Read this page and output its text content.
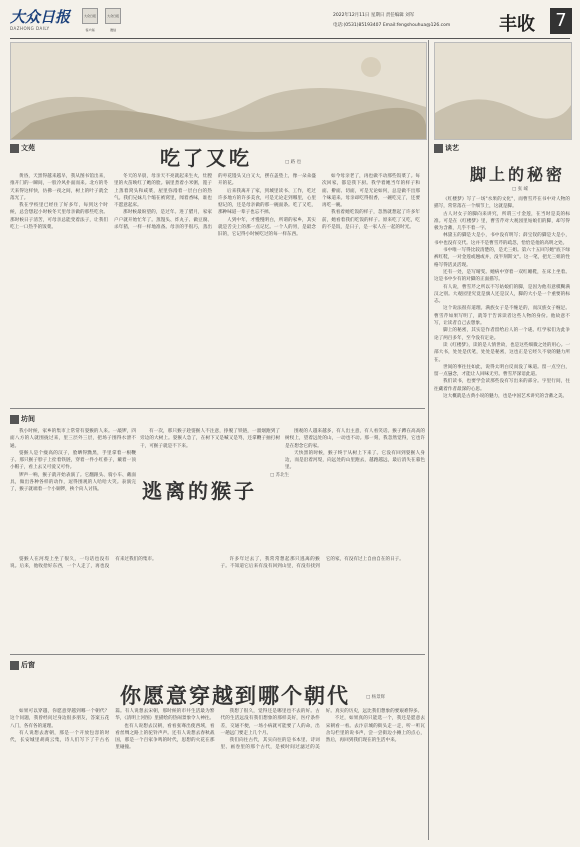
大众日报
DAZHONG DAILY
大众日报 客户端 大众日报 微信
2022年12月11日 星期日 责任编辑 刘军
电话:(0531)85193407 Email:fengshouhua@126.com	丰收 7
文苑	吃了又吃	□ 路 也

黄昏，天黑得越来越早，我从图书馆出来，推开门的一瞬间，一股冷风扑面而来。北方的冬天来得这样快，仿佛一夜之间，树上的叶子就全落光了。

我在学校里已经住了好多年，每到这个时候，总会想起小时候冬天里母亲做的那些吃食。那时候日子清苦，可母亲总能变着法子，让我们吃上一口热乎的饭菜。

冬天的早晨，母亲天不亮就起来生火，灶膛里的火苗映红了她的脸。锅里煮着小米粥，篦子上蒸着窝头和咸菜，屋里弥漫着一层白白的热气。我们兄妹几个缩在被窝里，闻着香味，谁也不愿意起床。

那时候最盼望的，是过年。进了腊月，家家户户就开始忙年了。蒸馒头、炸丸子、做豆腐、杀年猪，一样一样地准备。母亲的手很巧，蒸出的枣花馒头又白又大，摆在盖垫上，像一朵朵盛开的花。

后来我离开了家，到城里读书、工作，吃过许多地方的许多美食，可是无论走到哪里，心里惦记的，还是母亲做的那一碗面条。吃了又吃，那种味道一辈子也忘不掉。

人到中年，才慢慢明白，所谓的家乡，其实就是舌尖上的那一点记忆。一个人的胃，是最念旧的，它记得小时候吃过的每一样东西。

如今母亲老了，再也做不动那些饭菜了。每次回家，都是我下厨。我学着她当年的样子和面、擀面、切面，可是无论如何，总是做不出那个味道来。母亲却吃得很香，一碗吃完了，还要再吃一碗。

我看着她吃饭的样子，忽然就想起了许多年前，她看着我们吃饭的样子。原来吃了又吃，吃的不是饭，是日子，是一家人在一起的时光。

坊间

我小时候，家乡的集市上常常有耍猴的人来。一敲锣，四面八方的人就围拢过来，里三层外三层，把场子围得水泄不通。

耍猴人是个瘦高的汉子，脸晒得黝黑，手里拿着一根鞭子。那只猴子脖子上拴着铁链，穿着一件小红褂子，戴着一顶小帽子，看上去又可爱又可怜。

锣声一响，猴子就开始表演了。它翻跟头、骑小车、戴面具，做出各种各样的动作，逗得围观的人哈哈大笑。表演完了，猴子就端着一个小铜锣，挨个向人讨钱。	逃离的猴子
□ 苏北生

有一次，那只猴子趁耍猴人不注意，挣脱了铁链，一溜烟跑到了旁边的大树上。耍猴人急了，在树下又是喊又是骂，还拿鞭子抽打树干，可猴子就是不下来。

围观的人越来越多，有人出主意，有人看笑话。猴子蹲在高高的树杈上，望着远处的山，一动也不动。那一刻，我忽然觉得，它也许是在想念它的家。

天快黑的时候，猴子终于从树上下来了。它没有回到耍猴人身边，而是沿着河堤，向远处的山里跑去，越跑越远，最后消失在暮色里。

耍猴人在河堤上坐了很久，一句话也没有说。后来，他收拾好东西，一个人走了，再也没有来过我们的集市。	许多年过去了，我常常想起那只逃离的猴子。不知道它后来有没有回到山里，有没有找到它的家，有没有过上自由自在的日子。

后窗
你愿意穿越到哪个朝代	□ 杨景辉

如果可以穿越，你愿意穿越到哪一个朝代？这个问题，我曾经问过身边很多朋友，答案五花八门，各有各的道理。

有人说想去唐朝，那是一个开放包容的时代，长安城里胡商云集，诗人们写下了千古名篇。有人说想去宋朝，那时候的市井生活最为繁华，《清明上河图》里描绘的热闹景象令人神往。

也有人说想去汉朝，看看张骞出使西域，看看丝绸之路上的驼铃声声。还有人说想去春秋战国，那是一个百家争鸣的时代，思想的火花在那里碰撞。

我想了很久，觉得还是哪里也不去的好。古代的生活远没有我们想象的那样美好，医疗条件差，交通不便，一场小病就可能要了人的命，出一趟远门要走上几个月。

我们向往古代，其实向往的是书本里、诗词里、画卷里的那个古代，是被时间过滤过的美好。真实的历史，远比我们想象的要艰难得多。

不过，如果真的只能选一个，我还是愿意去宋朝看一看。去汴京城的街头走一走，听一听瓦舍勾栏里的说书声，尝一尝街边小摊上的点心，然后，再回到我们现在的生活中来。

谈艺
脚上的秘密
□ 张 嵘

《红楼梦》写了一场"水果的文化"，而曹雪芹在书中对人物的描写，常常落在一个细节上，这就是脚。

古人对女子的脚向来讲究，所谓三寸金莲，在当时是美的标准。可是在《红楼梦》里，曹雪芹对大观园里姑娘们的脚，却写得极为含蓄，几乎不着一字。

林黛玉的脚是大是小，书中没有明写；薛宝钗的脚是大是小，书中也没有交代。这并不是曹雪芹的疏忽，恰恰是他的高明之处。

书中唯一写得比较清楚的，是尤三姐。第六十五回写她"底下绿裤红鞋，一对金莲或翘或并，没半刻斯文"。这一笔，把尤三姐的性格写得活灵活现。

还有一处，是写晴雯。她病中穿着一双红睡鞋，在床上坐着。这是书中少有的对脚的正面描写。

有人说，曹雪芹之所以不写姑娘们的脚，是因为他有意模糊满汉之别。大观园里究竟是旗人还是汉人，脚的大小是一个重要的标志。

这个说法很有道理。满族女子是不缠足的，而汉族女子缠足。曹雪芹如果写明了，就等于告诉读者这些人物的身份。他故意不写，让读者自己去想象。

脚上的秘密，其实是作者留给后人的一个谜。红学家们为此争论了两百多年，至今没有定论。

读《红楼梦》，读的是人情世故，也是这些细微之处的用心。一部大书，处处是伏笔，处处是秘密，这也正是它经久不衰的魅力所在。

世间的事往往如此，说得太明白反而没了味道。留一点空白，留一点悬念，才能让人回味无穷。曹雪芹深谙此道。

我们读书，也要学会读那些没有写出来的部分。字里行间，往往藏着作者最深的心思。

这大概就是古典小说的魅力，也是中国艺术讲究的含蓄之美。
